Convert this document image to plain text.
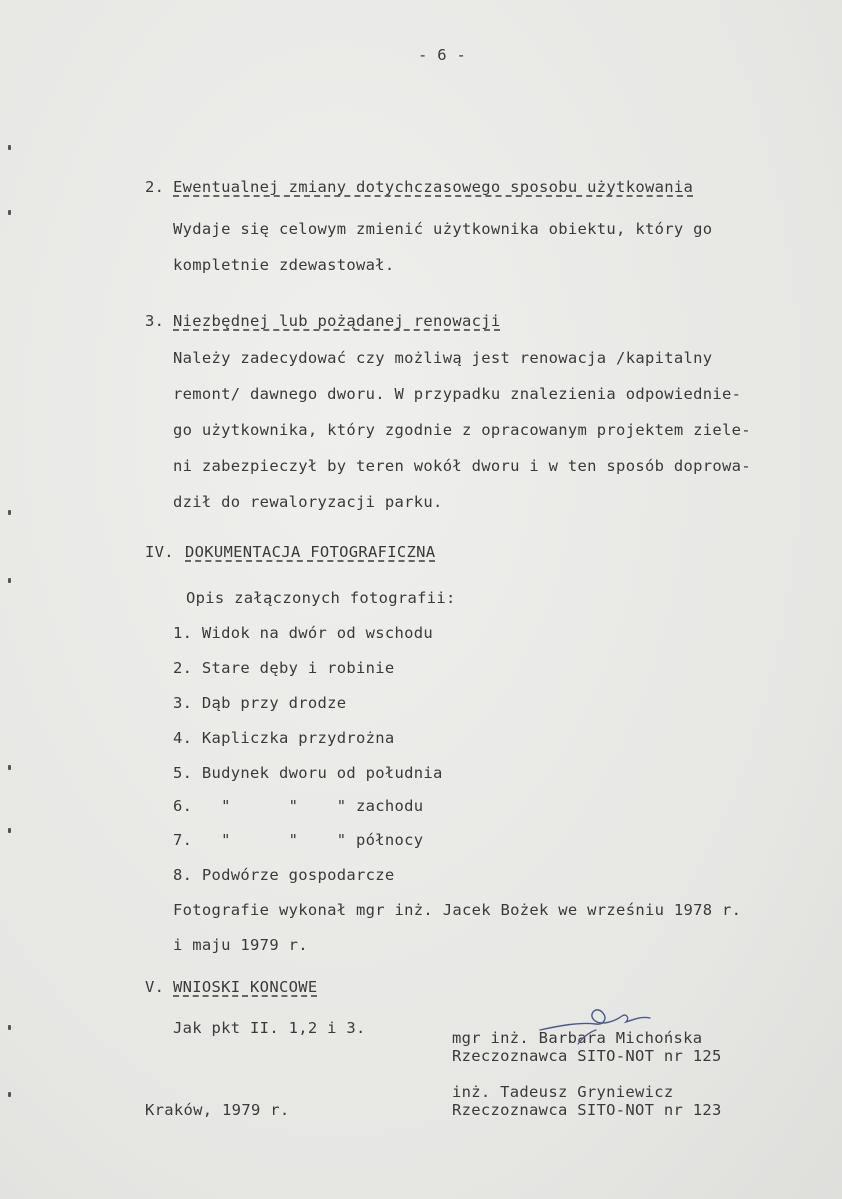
- 6 -
2. Ewentualnej zmiany dotychczasowego sposobu użytkowania
Wydaje się celowym zmienić użytkownika obiektu, który go
kompletnie zdewastował.
3. Niezbędnej lub pożądanej renowacji
Należy zadecydować czy możliwą jest renowacja /kapitalny
remont/ dawnego dworu. W przypadku znalezienia odpowiednie-
go użytkownika, który zgodnie z opracowanym projektem ziele-
ni zabezpieczył by teren wokół dworu i w ten sposób doprowa-
dził do rewaloryzacji parku.
IV. DOKUMENTACJA FOTOGRAFICZNA
Opis załączonych fotografii:
1. Widok na dwór od wschodu
2. Stare dęby i robinie
3. Dąb przy drodze
4. Kapliczka przydrożna
5. Budynek dworu od południa
6.   "      "    " zachodu
7.   "      "    " północy
8. Podwórze gospodarcze
Fotografie wykonał mgr inż. Jacek Bożek we wrześniu 1978 r.
i maju 1979 r.
V. WNIOSKI KONCOWE
Jak pkt II. 1,2 i 3.
mgr inż. Barbara Michońska
Rzeczoznawca SITO-NOT nr 125
inż. Tadeusz Gryniewicz
Rzeczoznawca SITO-NOT nr 123
Kraków, 1979 r.
